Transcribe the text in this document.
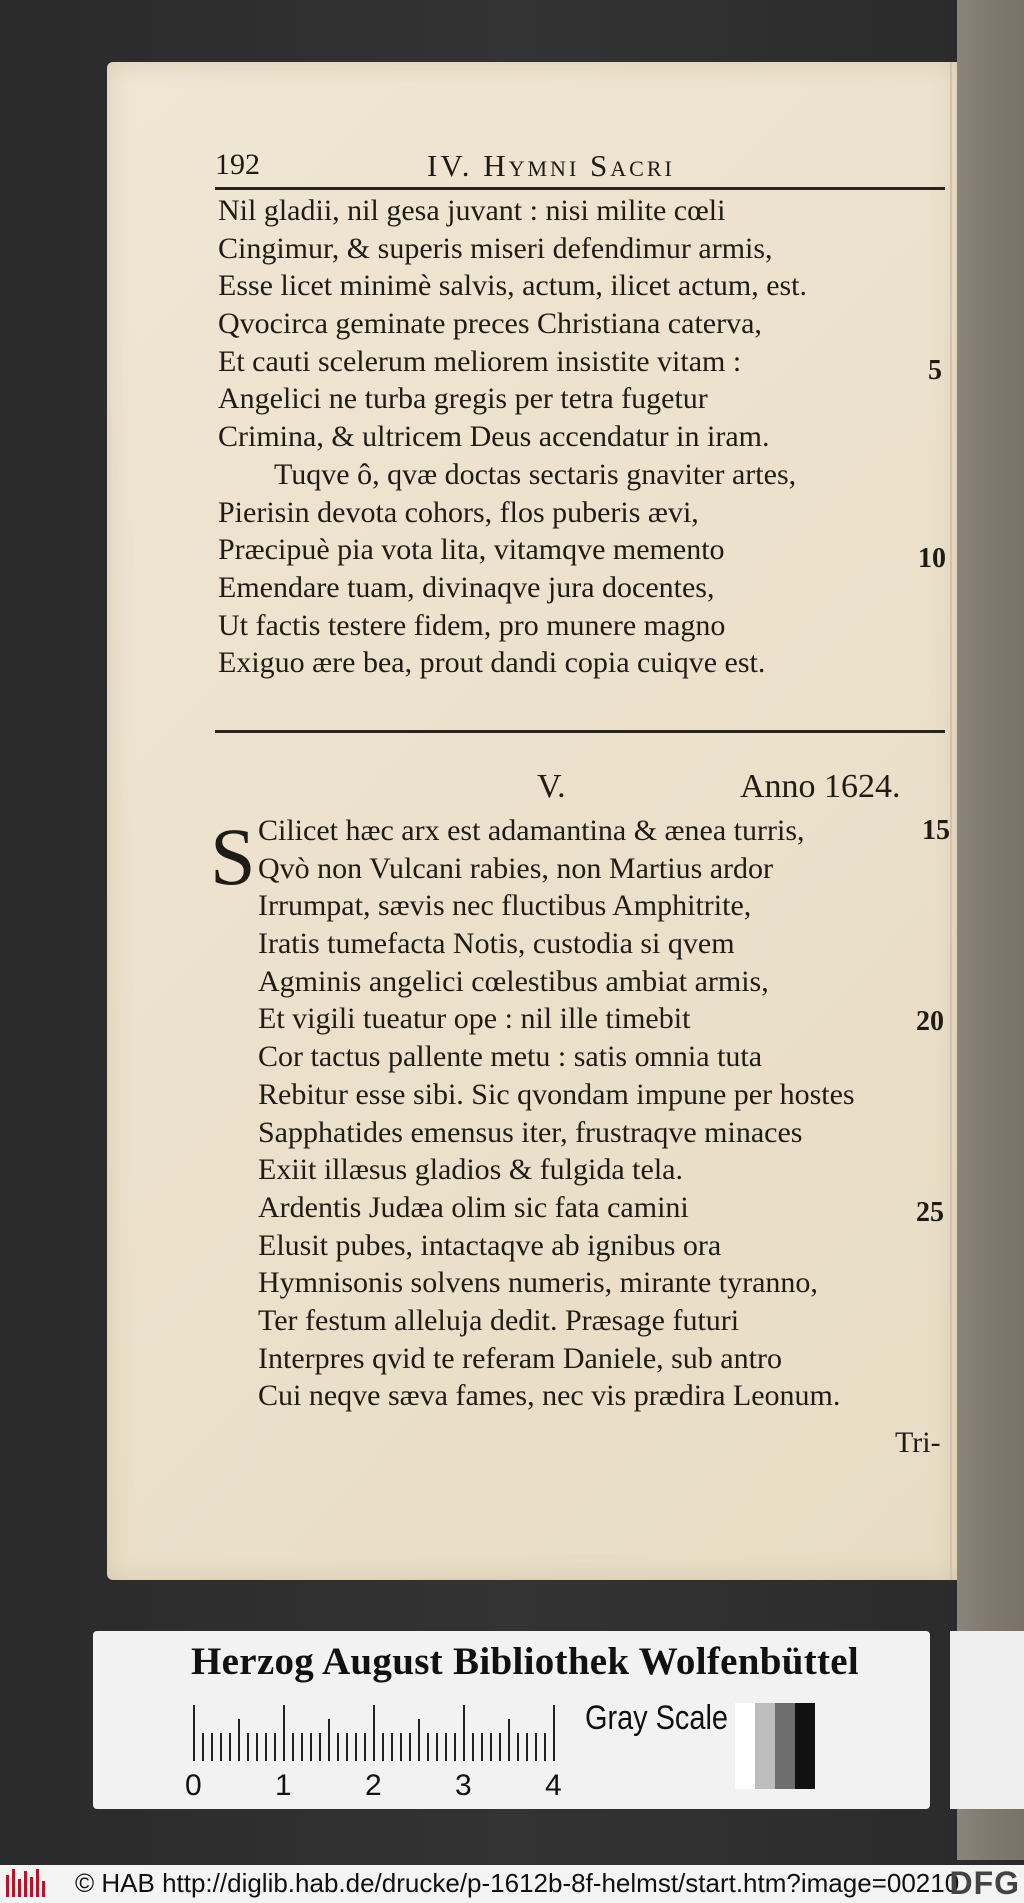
192	IV. Hymni Sacri
Nil gladii, nil gesa juvant : nisi milite cœli
Cingimur, & superis miseri defendimur armis,
Esse licet minimè salvis, actum, ilicet actum, est.
Qvocirca geminate preces Christiana caterva,
Et cauti scelerum meliorem insistite vitam :
Angelici ne turba gregis per tetra fugetur
Crimina, & ultricem Deus accendatur in iram.
Tuqve ô, qvæ doctas sectaris gnaviter artes,
Pierisin devota cohors, flos puberis ævi,
Præcipuè pia vota lita, vitamqve memento
Emendare tuam, divinaqve jura docentes,
Ut factis testere fidem, pro munere magno
Exiguo ære bea, prout dandi copia cuiqve est.
5
10
V.	Anno 1624.
S Cilicet hæc arx est adamantina & ænea turris,
Qvò non Vulcani rabies, non Martius ardor
Irrumpat, sævis nec fluctibus Amphitrite,
Iratis tumefacta Notis, custodia si qvem
Agminis angelici cœlestibus ambiat armis,
Et vigili tueatur ope : nil ille timebit
Cor tactus pallente metu : satis omnia tuta
Rebitur esse sibi. Sic qvondam impune per hostes
Sapphatides emensus iter, frustraqve minaces
Exiit illæsus gladios & fulgida tela.
Ardentis Judæa olim sic fata camini
Elusit pubes, intactaqve ab ignibus ora
Hymnisonis solvens numeris, mirante tyranno,
Ter festum alleluja dedit. Præsage futuri
Interpres qvid te referam Daniele, sub antro
Cui neqve sæva fames, nec vis prædira Leonum.
15
20
25
Tri-
Herzog August Bibliothek Wolfenbüttel
0 1 2 3 4
Gray Scale
© HAB http://diglib.hab.de/drucke/p-1612b-8f-helmst/start.htm?image=00210
DFG
